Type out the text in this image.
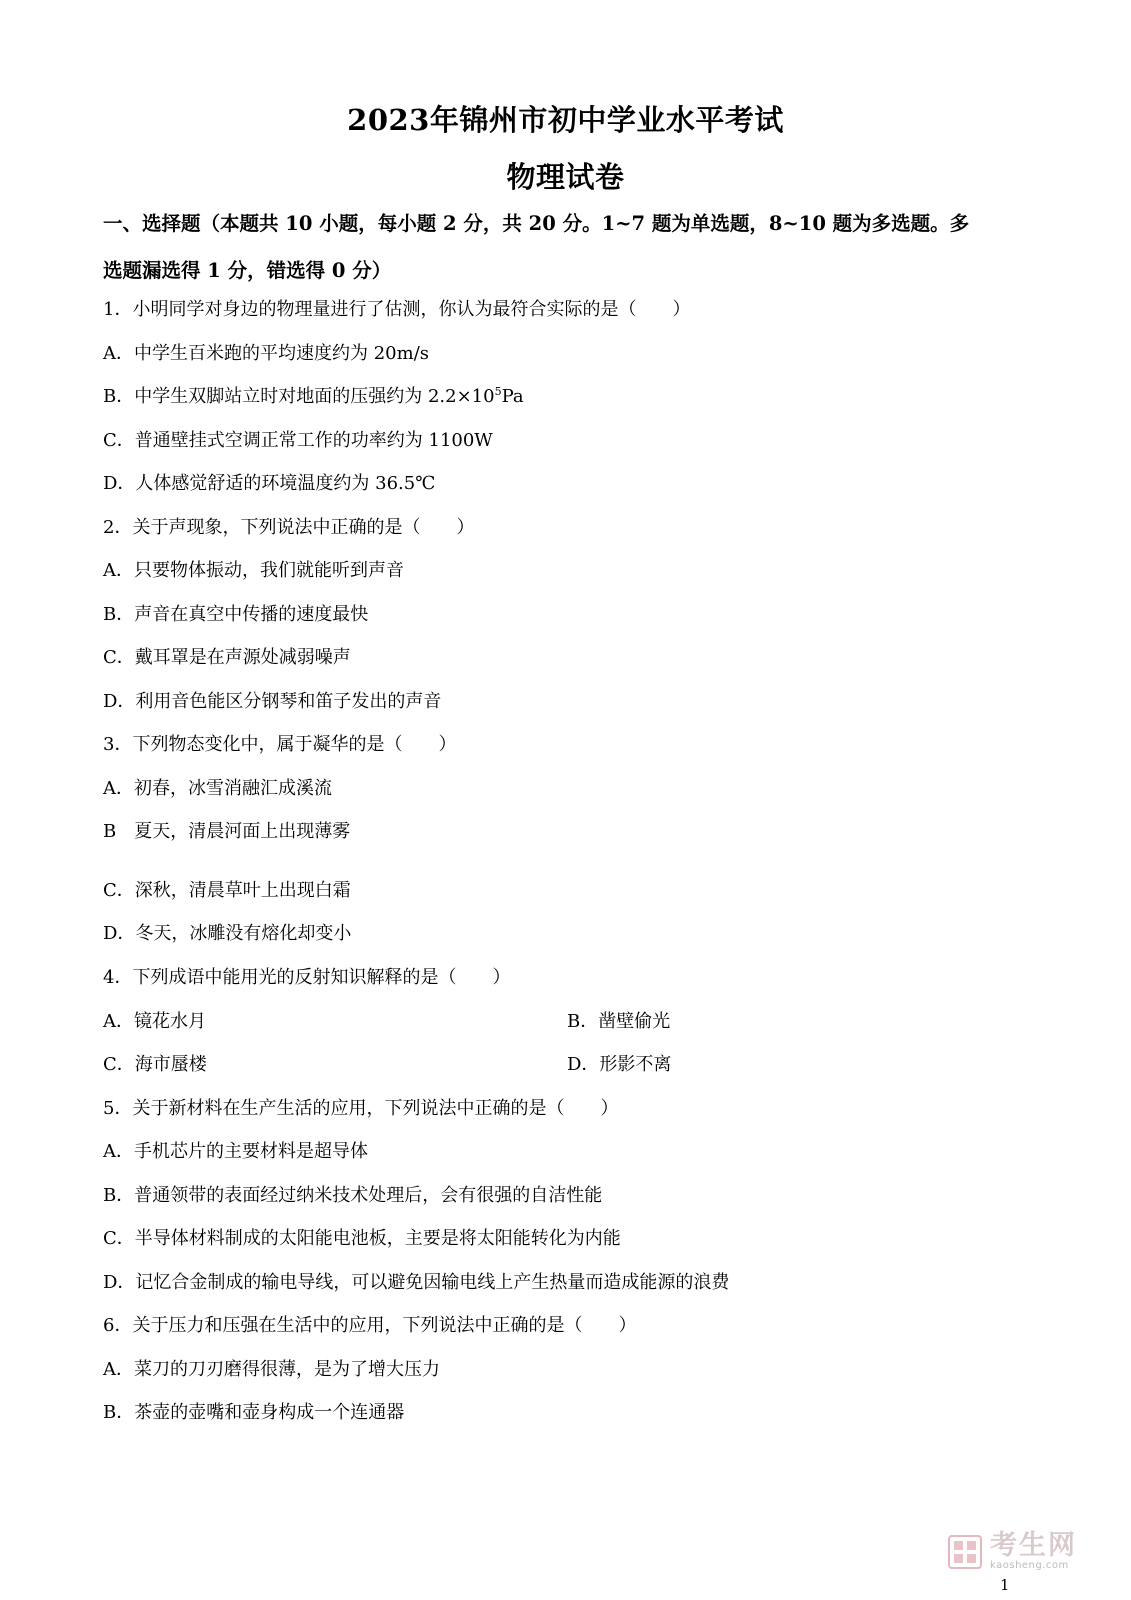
2023年锦州市初中学业水平考试
物理试卷
一、选择题（本题共 10 小题，每小题 2 分，共 20 分。1~7 题为单选题，8~10 题为多选题。多
选题漏选得 1 分，错选得 0 分）
1．小明同学对身边的物理量进行了估测，你认为最符合实际的是（　　）
A．中学生百米跑的平均速度约为 20m/s
B．中学生双脚站立时对地面的压强约为 $2.2\times 10^5Pa$
C．普通壁挂式空调正常工作的功率约为 1100W
D．人体感觉舒适的环境温度约为 36.5℃
2．关于声现象，下列说法中正确的是（　　）
A．只要物体振动，我们就能听到声音
B．声音在真空中传播的速度最快
C．戴耳罩是在声源处减弱噪声
D．利用音色能区分钢琴和笛子发出的声音
3．下列物态变化中，属于凝华的是（　　）
A．初春，冰雪消融汇成溪流
B　夏天，清晨河面上出现薄雾
C．深秋，清晨草叶上出现白霜
D．冬天，冰雕没有熔化却变小
4．下列成语中能用光的反射知识解释的是（　　）
A．镜花水月	B．凿壁偷光
C．海市蜃楼	D．形影不离
5．关于新材料在生产生活的应用，下列说法中正确的是（　　）
A．手机芯片的主要材料是超导体
B．普通领带的表面经过纳米技术处理后，会有很强的自洁性能
C．半导体材料制成的太阳能电池板，主要是将太阳能转化为内能
D．记忆合金制成的输电导线，可以避免因输电线上产生热量而造成能源的浪费
6．关于压力和压强在生活中的应用，下列说法中正确的是（　　）
A．菜刀的刀刃磨得很薄，是为了增大压力
B．茶壶的壶嘴和壶身构成一个连通器
考生网
kaosheng.com
1
